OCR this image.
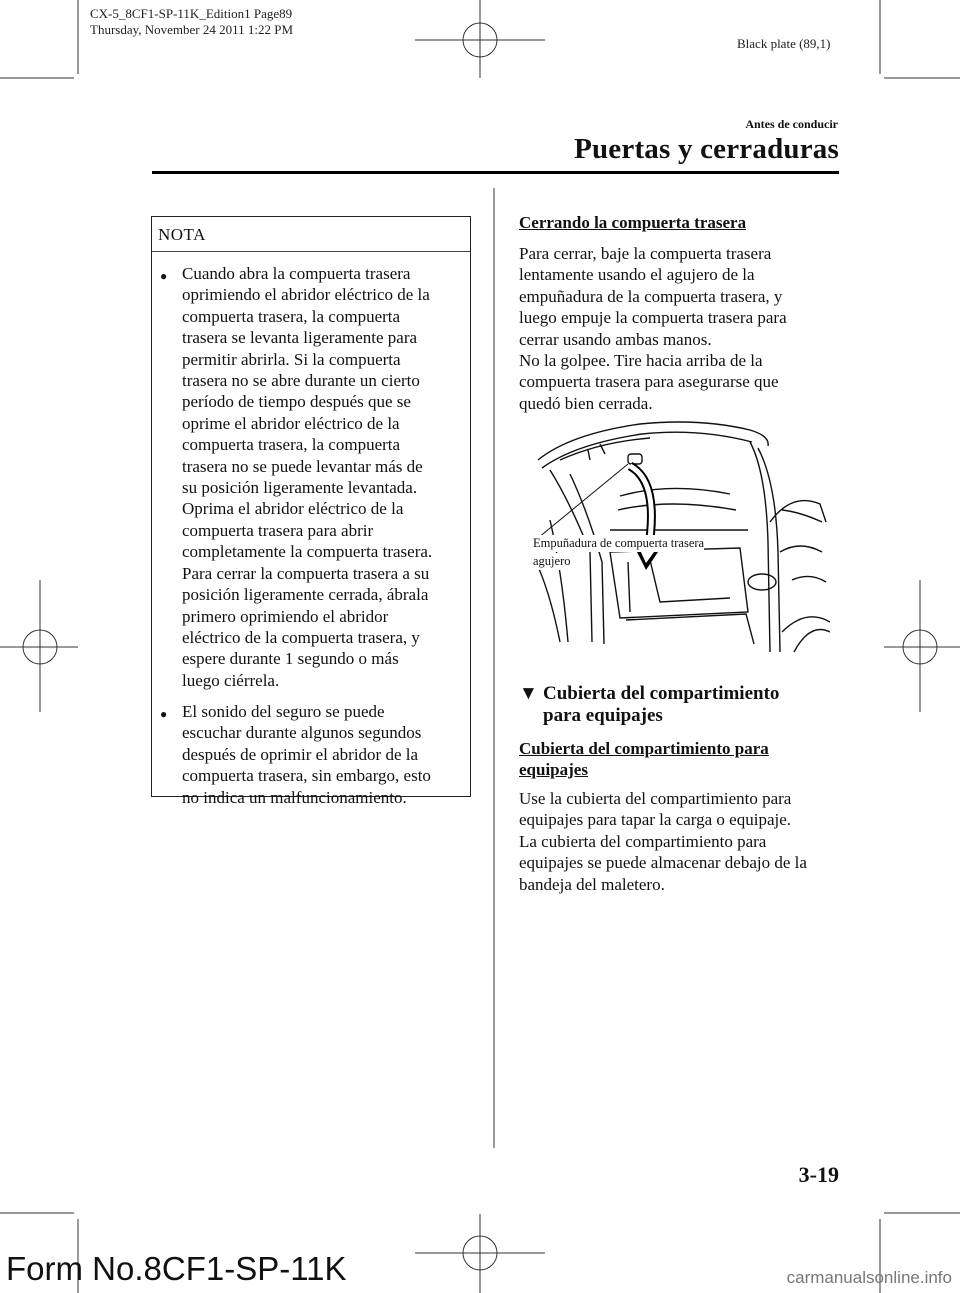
CX-5_8CF1-SP-11K_Edition1 Page89
Thursday, November 24 2011 1:22 PM
Black plate (89,1)
Antes de conducir
Puertas y cerraduras
NOTA
● Cuando abra la compuerta trasera
oprimiendo el abridor eléctrico de la
compuerta trasera, la compuerta
trasera se levanta ligeramente para
permitir abrirla. Si la compuerta
trasera no se abre durante un cierto
período de tiempo después que se
oprime el abridor eléctrico de la
compuerta trasera, la compuerta
trasera no se puede levantar más de
su posición ligeramente levantada.
Oprima el abridor eléctrico de la
compuerta trasera para abrir
completamente la compuerta trasera.
Para cerrar la compuerta trasera a su
posición ligeramente cerrada, ábrala
primero oprimiendo el abridor
eléctrico de la compuerta trasera, y
espere durante 1 segundo o más
luego ciérrela.
● El sonido del seguro se puede
escuchar durante algunos segundos
después de oprimir el abridor de la
compuerta trasera, sin embargo, esto
no indica un malfuncionamiento.
Cerrando la compuerta trasera
Para cerrar, baje la compuerta trasera
lentamente usando el agujero de la
empuñadura de la compuerta trasera, y
luego empuje la compuerta trasera para
cerrar usando ambas manos.
No la golpee. Tire hacia arriba de la
compuerta trasera para asegurarse que
quedó bien cerrada.
Empuñadura de compuerta trasera
agujero
▼ Cubierta del compartimiento
para equipajes
Cubierta del compartimiento para
equipajes
Use la cubierta del compartimiento para
equipajes para tapar la carga o equipaje.
La cubierta del compartimiento para
equipajes se puede almacenar debajo de la
bandeja del maletero.
3-19
Form No.8CF1-SP-11K	carmanualsonline.info
